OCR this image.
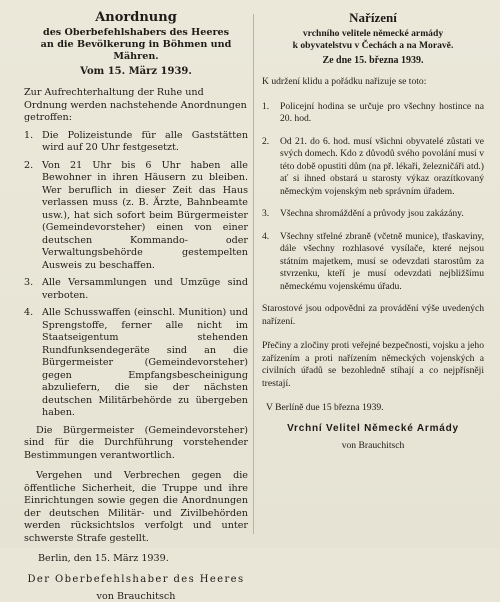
Anordnung

des Oberbefehlshabers des Heeres

an die Bevölkerung in Böhmen und Mähren.

Vom 15. März 1939.

Zur Aufrechterhaltung der Ruhe und Ordnung werden nachstehende Anordnungen getroffen:

1. Die Polizeistunde für alle Gaststätten wird auf 20 Uhr festgesetzt.
2. Von 21 Uhr bis 6 Uhr haben alle Bewohner in ihren Häusern zu bleiben. Wer beruflich in dieser Zeit das Haus verlassen muss (z. B. Ärzte, Bahnbeamte usw.), hat sich sofort beim Bürgermeister (Gemeindevorsteher) einen von einer deutschen Kommando- oder Verwaltungsbehörde gestempelten Ausweis zu beschaffen.
3. Alle Versammlungen und Umzüge sind verboten.
4. Alle Schusswaffen (einschl. Munition) und Sprengstoffe, ferner alle nicht im Staatseigentum stehenden Rundfunksendegeräte sind an die Bürgermeister (Gemeindevorsteher) gegen Empfangsbescheinigung abzuliefern, die sie der nächsten deutschen Militärbehörde zu übergeben haben.

Die Bürgermeister (Gemeindevorsteher) sind für die Durchführung vorstehender Bestimmungen verantwortlich.

Vergehen und Verbrechen gegen die öffentliche Sicherheit, die Truppe und ihre Einrichtungen sowie gegen die Anordnungen der deutschen Militär- und Zivilbehörden werden rücksichtslos verfolgt und unter schwerste Strafe gestellt.

Berlin, den 15. März 1939.

Der Oberbefehlshaber des Heeres

von Brauchitsch

Nařízení

vrchního velitele německé armády

k obyvatelstvu v Čechách a na Moravě.

Ze dne 15. března 1939.

K udržení klidu a pořádku nařizuje se toto:

1. Policejní hodina se určuje pro všechny hostince na 20. hod.
2. Od 21. do 6. hod. musí všichni obyvatelé zůstati ve svých domech. Kdo z důvodů svého povolání musí v této době opustiti dům (na př. lékaři, železničáři atd.) ať si ihned obstará u starosty výkaz orazítkovaný německým vojenským neb správním úřadem.
3. Všechna shromáždění a průvody jsou zakázány.
4. Všechny střelné zbraně (včetně munice), třaskaviny, dále všechny rozhlasové vysílače, které nejsou státním majetkem, musí se odevzdati starostům za stvrzenku, kteří je musí odevzdati nejbližšímu německému vojenskému úřadu.

Starostové jsou odpovědni za provádění výše uvedených nařízení.

Přečiny a zločiny proti veřejné bezpečnosti, vojsku a jeho zařízením a proti nařízením německých vojenských a civilních úřadů se bezohledně stíhají a co nejpřísněji trestají.

V Berlíně due 15 března 1939.

Vrchní Velitel Německé Armády

von Brauchitsch
